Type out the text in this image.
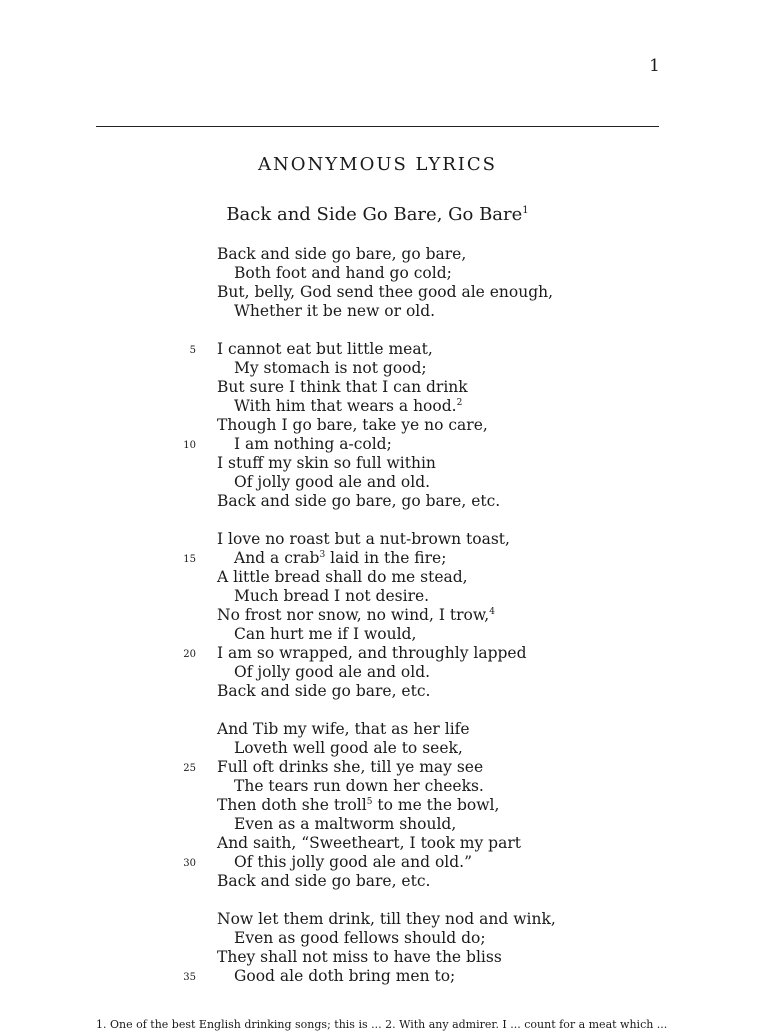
1
ANONYMOUS LYRICS
Back and Side Go Bare, Go Bare$^1$
Back and side go bare, go bare,
Both foot and hand go cold;
But, belly, God send thee good ale enough,
Whether it be new or old.
5 I cannot eat but little meat,
My stomach is not good;
But sure I think that I can drink
With him that wears a hood.$^2$
Though I go bare, take ye no care,
10 I am nothing a-cold;
I stuff my skin so full within
Of jolly good ale and old.
Back and side go bare, go bare, etc.
I love no roast but a nut-brown toast,
15 And a crab$^3$ laid in the fire;
A little bread shall do me stead,
Much bread I not desire.
No frost nor snow, no wind, I trow,$^4$
Can hurt me if I would,
20 I am so wrapped, and throughly lapped
Of jolly good ale and old.
Back and side go bare, etc.
And Tib my wife, that as her life
Loveth well good ale to seek,
25 Full oft drinks she, till ye may see
The tears run down her cheeks.
Then doth she troll$^5$ to me the bowl,
Even as a maltworm should,
And saith, “Sweetheart, I took my part
30 Of this jolly good ale and old.”
Back and side go bare, etc.
Now let them drink, till they nod and wink,
Even as good fellows should do;
They shall not miss to have the bliss
35 Good ale doth bring men to;
1. One of the best English drinking songs; this is ... 2. With any admirer. I ... count for a meat which ...
